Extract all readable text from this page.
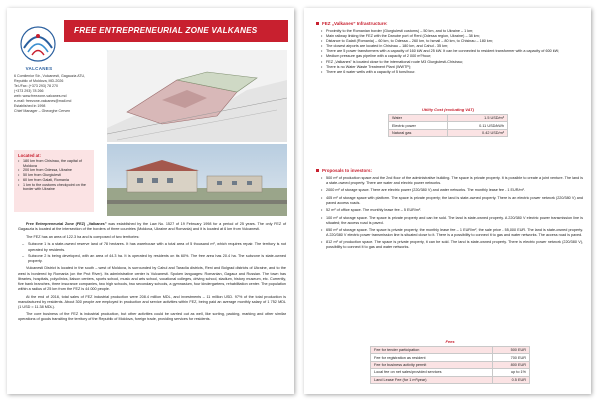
VALCANES
FREE ENTREPRENEURIAL ZONE VALKANES
6 Comilenior Str., Vulcanesti, Gagauzia ATU,
Republic of Moldova, MD-2026
Tel./Fax: (+373 293) 78 270
(+373 293) 78 266
web: www.freezone-valcanes.md
e-mail: freezone-valcanes@mail.md
Established in 1998
Chief Manager – Gheorghe Cerven
Located at:
• 180 km from Chisinau, the capital of Moldova
• 200 km from Odessa, Ukraine
• 50 km from Giurgiulesti
• 60 km from Galati, Romania
• 1 km to the customs checkpoint on the border with Ukraine

Free Entrepreneurial Zone (FEZ) „Valkanes” was established by the Law No. 1527 of 19 February 1998 for a period of 25 years. The only FEZ of Gagauzia is located at the intersection of the borders of three countries (Moldova, Ukraine and Romania) and it is located at 6 km from Vulcanesti.

The FEZ has an area of 122.3 ha and is composed of two territories:

– Subzone 1 is a state-owned reserve land of 78 hectares. It has warehouse with a total area of 5 thousand m², which requires repair. The territory is not operated by residents.
– Subzone 2 is being developed, with an area of 44.3 ha. It is operated by residents on its 60%. The free area has 20.4 ha. The subzone is state-owned property.

Vulcanesti District is located in the south – west of Moldova, is surrounded by Cahul and Taraclia districts, Reni and Bolgrad districts of Ukraine, and to the west is bordered by Romania (on the Prut River). Its administrative center is Vulcanesti. Spoken languages: Romanian, Gagauz and Russian. The town has libraries, hospitals, polyclinics, liaison centers, sports school, music and arts school, vocational colleges, driving school, stadium, history museum, etc. Currently, five bank branches, three insurance companies, two high schools, two secondary schools, a gymnasium, four kindergartens, rehabilitation center. The population within a radius of 25 km from the FEZ is 44 000 people.

At the end of 2016, total sales of FEZ industrial production were 208.4 million MDL, and investments – 11 million USD. 97% of the total production is manufactured by residents. About 300 people are employed in production and service activities within FEZ, being paid an average monthly salary of 1 752 MDL (1 USD = 11.38 MDL).

The core business of the FEZ is industrial production, but other activities could be carried out as well, like sorting, packing, marking and other similar operations of goods transiting the territory of the Republic of Moldova, foreign trade, providing services for residents.

FEZ „Valkanes” Infrastructure:
• Proximity to the Romanian border (Giurgiulesti customs) – 50 km, and to Ukraine – 1 km;
• Main railway linking the FEZ with the Danube port of Reni (Odessa region, Ukraine) – 38 km;
• Distance to Galati (Romania) – 60 km, to Odessa – 260 km, to Ismail – 80 km, to Chisinau – 180 km;
• The closest airports are located in Chisinau – 180 km, and Cahul - 35 km;
• There are 5 power transformers with a capacity of 160 kW and 25 kW. It can be connected to resident transformer with a capacity of 600 kW;
• Medium pressure gas pipeline with a capacity of 2 000 m³/hour;
• FEZ „Valkanes” is located close to the international route M3 Giurgiulesti-Chisinau;
• There is no Water Waste Treatment Plant (WWTP);
• There are 6 water wells with a capacity of 5 tons/hour.
Utility Cost (excluding VAT)
Water	1.5 USD/m³
Electric power	0.11 USD/kWh
Natural gas	0.42 USD/m³
Proposals to investors:
• 500 m² of production space and the 2nd floor of the administrative building. The space is private property. It is possible to create a joint venture. The land is a state-owned property. There are water and electric power networks.
• 2000 m² of storage space. There are electric power (220/380 V) and water networks. The monthly lease fee - 1 EUR/m².
• 405 m² of storage space with platform. The space is private property; the land is state-owned property. There is an electric power network (220/380 V) and paved access roads.
• 52 m² of office space. The monthly lease fee – 5 EUR/m².
• 100 m² of storage space. The space is private property and can be sold. The land is state-owned property. A 220/380 V electric power transmission line is situated; the access road is paved.
• 650 m² of storage space. The space is private property, the monthly lease fee – 1 EUR/m², the sale price - 55,000 EUR. The land is state-owned property. A 220/380 V electric power transmission line is situated close to it. There is a possibility to connect it to gas and water networks. The access road is paved.
• 812 m² of production space. The space is private property, it can be sold. The land is state-owned property. There is electric power network (220/380 V), possibility to connect it to gas and water networks.
Fees
Fee for tender participation	500 EUR
Fee for registration as resident	700 EUR
Fee for business activity permit	800 EUR
Local fee on net sales/provided services	up to 1%
Land Lease Fee (for 1 m²/year)	0.5 EUR
